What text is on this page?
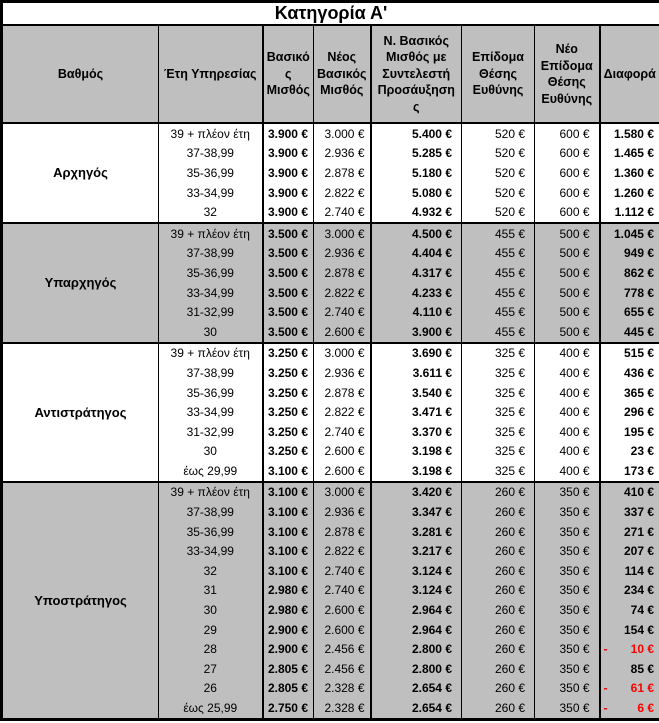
Κατηγορία Α'							
Βαθμός	Έτη Υπηρεσίας	Βασικός Μισθός	Νέος Βασικός Μισθός	Ν. Βασικός Μισθός με Συντελεστή Προσάυξησης	Επίδομα Θέσης Ευθύνης	Νέο Επίδομα Θέσης Ευθύνης	Διαφορά
Αρχηγός	39 + πλέον έτη	3.900 €	3.000 €	5.400 €	520 €	600 €	1.580 €
	37-38,99	3.900 €	2.936 €	5.285 €	520 €	600 €	1.465 €
	35-36,99	3.900 €	2.878 €	5.180 €	520 €	600 €	1.360 €
	33-34,99	3.900 €	2.822 €	5.080 €	520 €	600 €	1.260 €
	32	3.900 €	2.740 €	4.932 €	520 €	600 €	1.112 €
Υπαρχηγός	39 + πλέον έτη	3.500 €	3.000 €	4.500 €	455 €	500 €	1.045 €
	37-38,99	3.500 €	2.936 €	4.404 €	455 €	500 €	949 €
	35-36,99	3.500 €	2.878 €	4.317 €	455 €	500 €	862 €
	33-34,99	3.500 €	2.822 €	4.233 €	455 €	500 €	778 €
	31-32,99	3.500 €	2.740 €	4.110 €	455 €	500 €	655 €
	30	3.500 €	2.600 €	3.900 €	455 €	500 €	445 €
Αντιστράτηγος	39 + πλέον έτη	3.250 €	3.000 €	3.690 €	325 €	400 €	515 €
	37-38,99	3.250 €	2.936 €	3.611 €	325 €	400 €	436 €
	35-36,99	3.250 €	2.878 €	3.540 €	325 €	400 €	365 €
	33-34,99	3.250 €	2.822 €	3.471 €	325 €	400 €	296 €
	31-32,99	3.250 €	2.740 €	3.370 €	325 €	400 €	195 €
	30	3.250 €	2.600 €	3.198 €	325 €	400 €	23 €
	έως 29,99	3.100 €	2.600 €	3.198 €	325 €	400 €	173 €
Υποστράτηγος	39 + πλέον έτη	3.100 €	3.000 €	3.420 €	260 €	350 €	410 €
	37-38,99	3.100 €	2.936 €	3.347 €	260 €	350 €	337 €
	35-36,99	3.100 €	2.878 €	3.281 €	260 €	350 €	271 €
	33-34,99	3.100 €	2.822 €	3.217 €	260 €	350 €	207 €
	32	3.100 €	2.740 €	3.124 €	260 €	350 €	114 €
	31	2.980 €	2.740 €	3.124 €	260 €	350 €	234 €
	30	2.980 €	2.600 €	2.964 €	260 €	350 €	74 €
	29	2.900 €	2.600 €	2.964 €	260 €	350 €	154 €
	28	2.900 €	2.456 €	2.800 €	260 €	350 €	- 10 €
	27	2.805 €	2.456 €	2.800 €	260 €	350 €	85 €
	26	2.805 €	2.328 €	2.654 €	260 €	350 €	- 61 €
	έως 25,99	2.750 €	2.328 €	2.654 €	260 €	350 €	- 6 €
